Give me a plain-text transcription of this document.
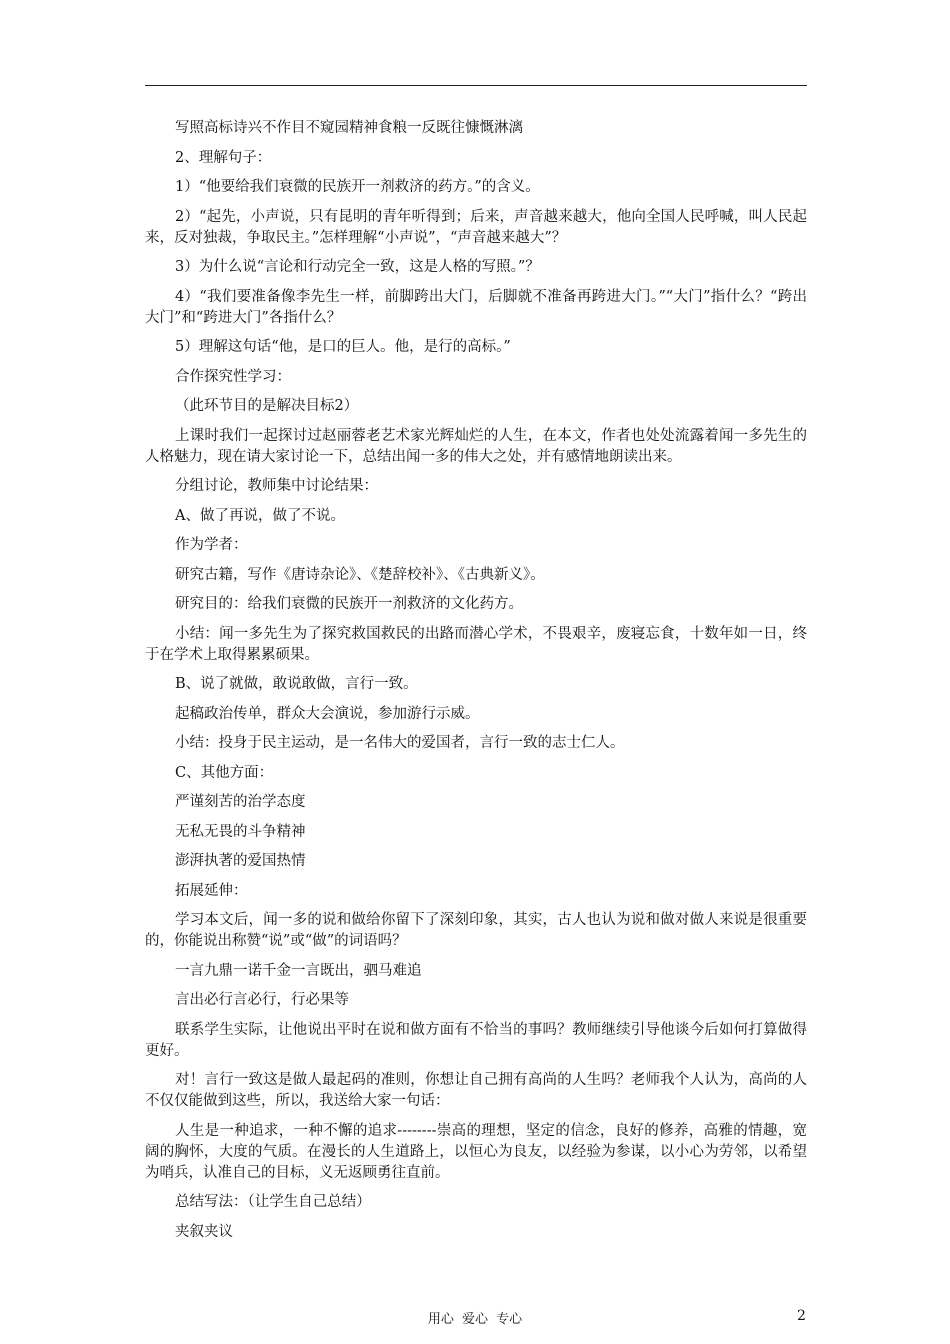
写照高标诗兴不作目不窥园精神食粮一反既往慷慨淋漓

2、理解句子：

1）“他要给我们衰微的民族开一剂救济的药方。”的含义。

2）“起先，小声说，只有昆明的青年听得到；后来，声音越来越大，他向全国人民呼喊，叫人民起来，反对独裁，争取民主。”怎样理解“小声说”，“声音越来越大”？

3）为什么说“言论和行动完全一致，这是人格的写照。”？

4）“我们要准备像李先生一样，前脚跨出大门，后脚就不准备再跨进大门。”“大门”指什么？“跨出大门”和“跨进大门”各指什么？

5）理解这句话“他，是口的巨人。他，是行的高标。”

合作探究性学习：

（此环节目的是解决目标2）

上课时我们一起探讨过赵丽蓉老艺术家光辉灿烂的人生，在本文，作者也处处流露着闻一多先生的人格魅力，现在请大家讨论一下，总结出闻一多的伟大之处，并有感情地朗读出来。

分组讨论，教师集中讨论结果：

A、做了再说，做了不说。

作为学者：

研究古籍，写作《唐诗杂论》、《楚辞校补》、《古典新义》。

研究目的：给我们衰微的民族开一剂救济的文化药方。

小结：闻一多先生为了探究救国救民的出路而潜心学术，不畏艰辛，废寝忘食，十数年如一日，终于在学术上取得累累硕果。

B、说了就做，敢说敢做，言行一致。

起稿政治传单，群众大会演说，参加游行示威。

小结：投身于民主运动，是一名伟大的爱国者，言行一致的志士仁人。

C、其他方面：

严谨刻苦的治学态度

无私无畏的斗争精神

澎湃执著的爱国热情

拓展延伸：

学习本文后，闻一多的说和做给你留下了深刻印象，其实，古人也认为说和做对做人来说是很重要的，你能说出称赞“说”或“做”的词语吗？

一言九鼎一诺千金一言既出，驷马难追

言出必行言必行，行必果等

联系学生实际，让他说出平时在说和做方面有不恰当的事吗？教师继续引导他谈今后如何打算做得更好。

对！言行一致这是做人最起码的准则，你想让自己拥有高尚的人生吗？老师我个人认为，高尚的人不仅仅能做到这些，所以，我送给大家一句话：

人生是一种追求，一种不懈的追求--------崇高的理想，坚定的信念，良好的修养，高雅的情趣，宽阔的胸怀，大度的气质。在漫长的人生道路上，以恒心为良友，以经验为参谋，以小心为劳邻，以希望为哨兵，认准自己的目标，义无返顾勇往直前。

总结写法：（让学生自己总结）

夹叙夹议

用心 爱心 专心	2
